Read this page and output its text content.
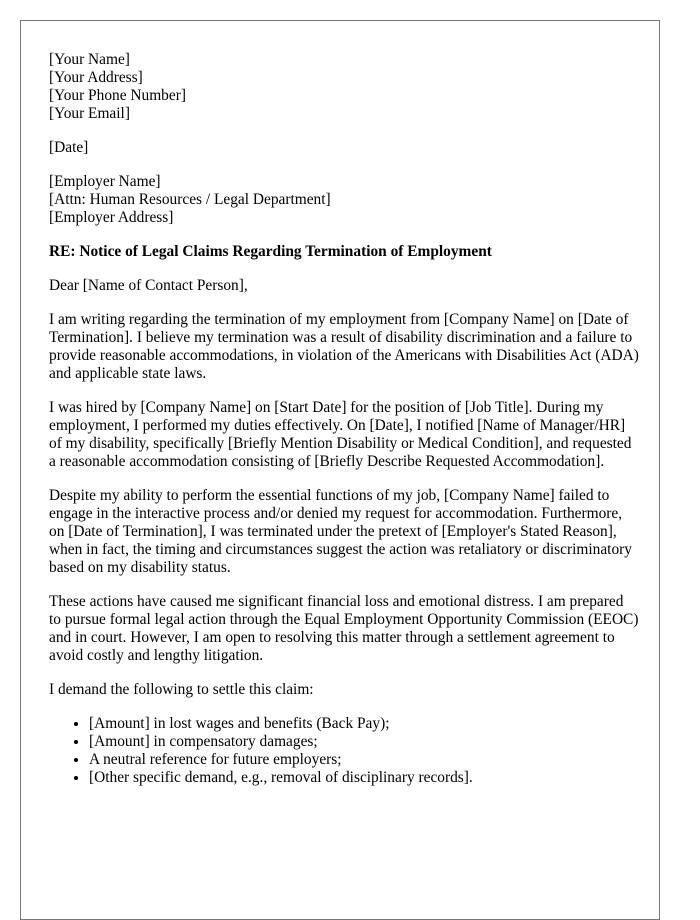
[Your Name]
[Your Address]
[Your Phone Number]
[Your Email]
[Date]
[Employer Name]
[Attn: Human Resources / Legal Department]
[Employer Address]
RE: Notice of Legal Claims Regarding Termination of Employment

Dear [Name of Contact Person],

I am writing regarding the termination of my employment from [Company Name] on [Date of Termination]. I believe my termination was a result of disability discrimination and a failure to provide reasonable accommodations, in violation of the Americans with Disabilities Act (ADA) and applicable state laws.

I was hired by [Company Name] on [Start Date] for the position of [Job Title]. During my employment, I performed my duties effectively. On [Date], I notified [Name of Manager/HR] of my disability, specifically [Briefly Mention Disability or Medical Condition], and requested a reasonable accommodation consisting of [Briefly Describe Requested Accommodation].

Despite my ability to perform the essential functions of my job, [Company Name] failed to engage in the interactive process and/or denied my request for accommodation. Furthermore, on [Date of Termination], I was terminated under the pretext of [Employer's Stated Reason], when in fact, the timing and circumstances suggest the action was retaliatory or discriminatory based on my disability status.

These actions have caused me significant financial loss and emotional distress. I am prepared to pursue formal legal action through the Equal Employment Opportunity Commission (EEOC) and in court. However, I am open to resolving this matter through a settlement agreement to avoid costly and lengthy litigation.

I demand the following to settle this claim:

• [Amount] in lost wages and benefits (Back Pay);
• [Amount] in compensatory damages;
• A neutral reference for future employers;
• [Other specific demand, e.g., removal of disciplinary records].
